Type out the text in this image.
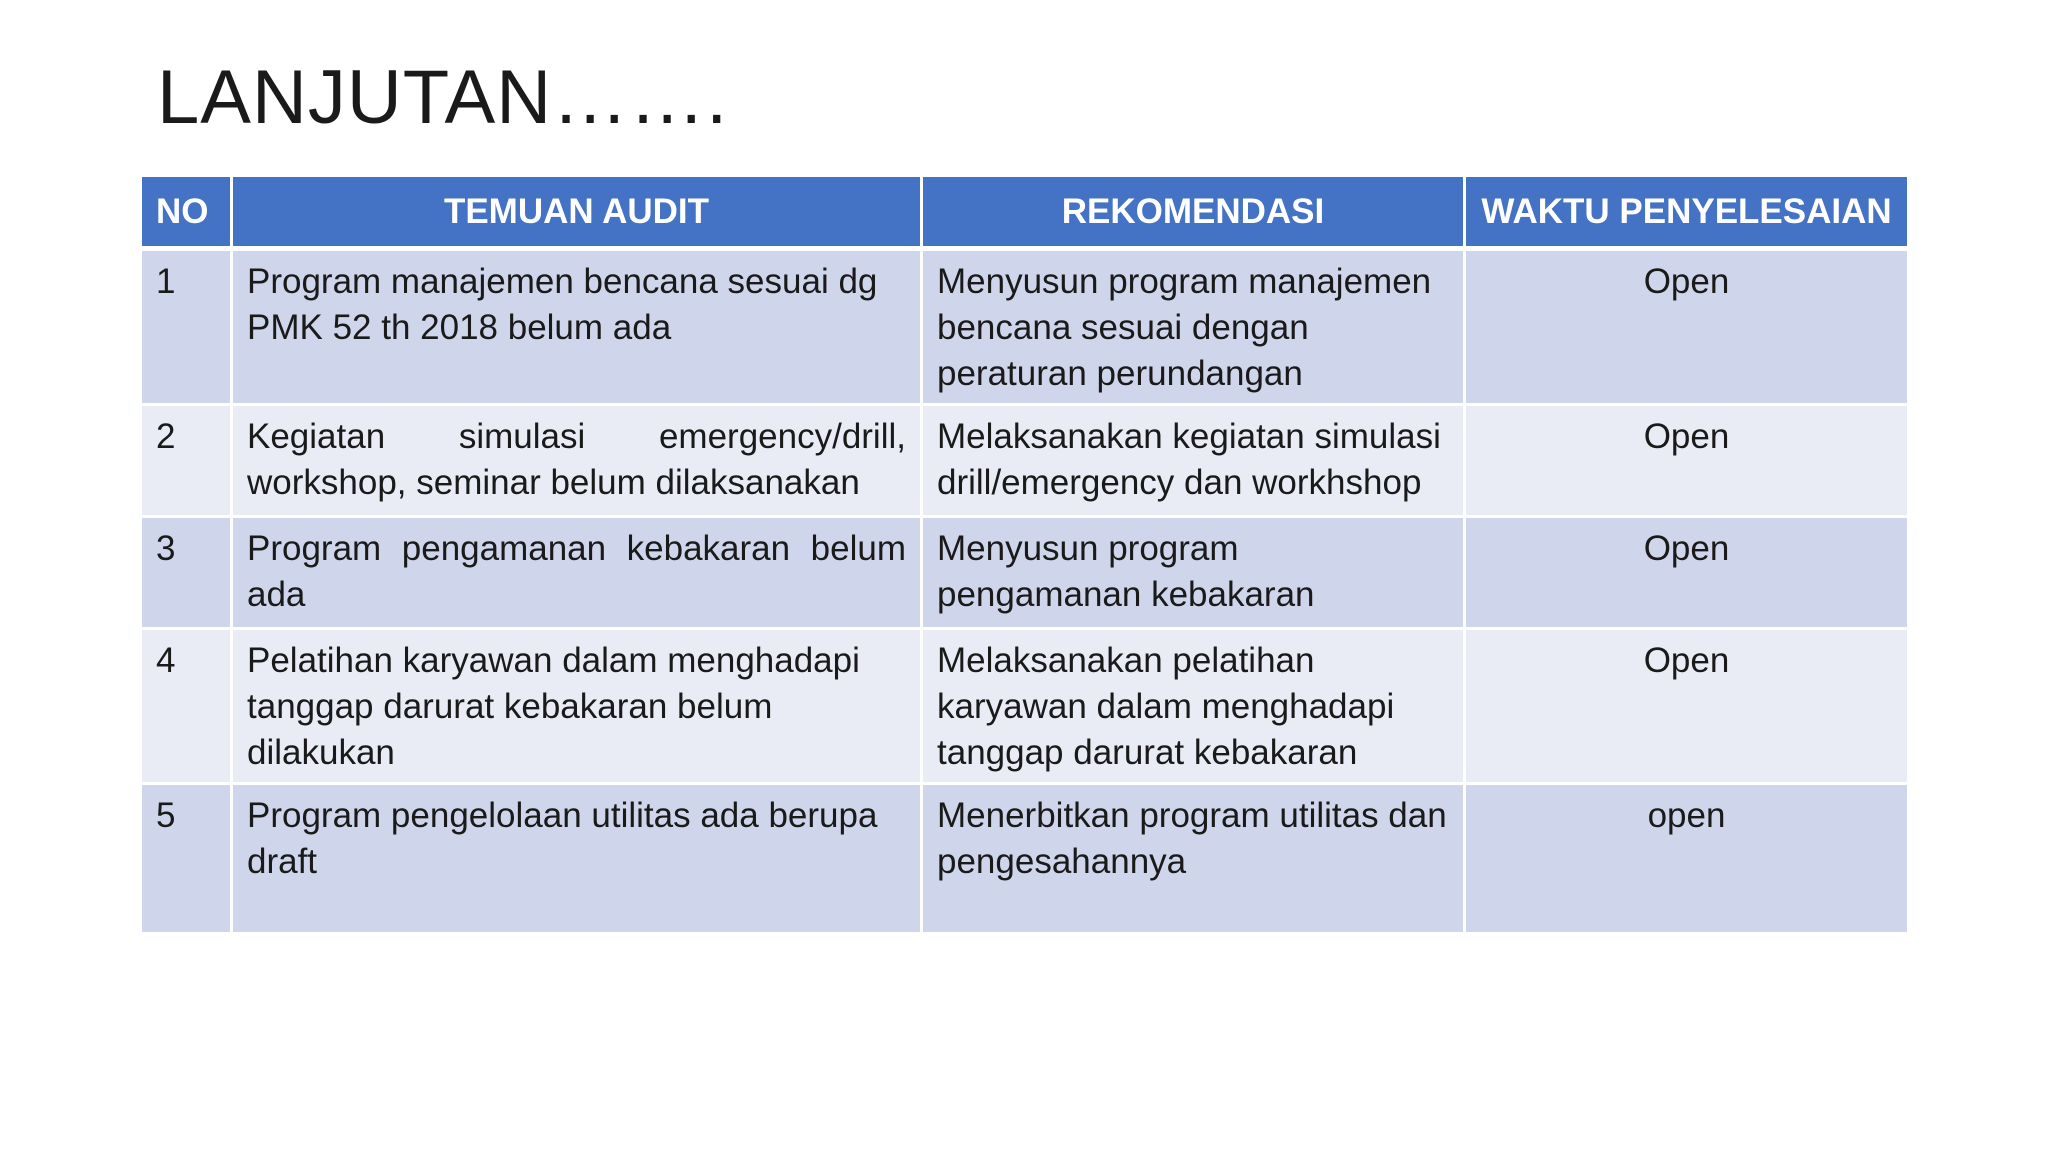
LANJUTAN…….
NO	TEMUAN AUDIT	REKOMENDASI	WAKTU PENYELESAIAN
1	Program manajemen bencana sesuai dg PMK 52 th 2018 belum ada	Menyusun program manajemen bencana sesuai dengan peraturan perundangan	Open
2	Kegiatan simulasi emergency/drill, workshop, seminar belum dilaksanakan	Melaksanakan kegiatan simulasi drill/emergency dan workhshop	Open
3	Program pengamanan kebakaran belum ada	Menyusun program pengamanan kebakaran	Open
4	Pelatihan karyawan dalam menghadapi tanggap darurat kebakaran belum dilakukan	Melaksanakan pelatihan karyawan dalam menghadapi tanggap darurat kebakaran	Open
5	Program pengelolaan utilitas ada berupa draft	Menerbitkan program utilitas dan pengesahannya	open
